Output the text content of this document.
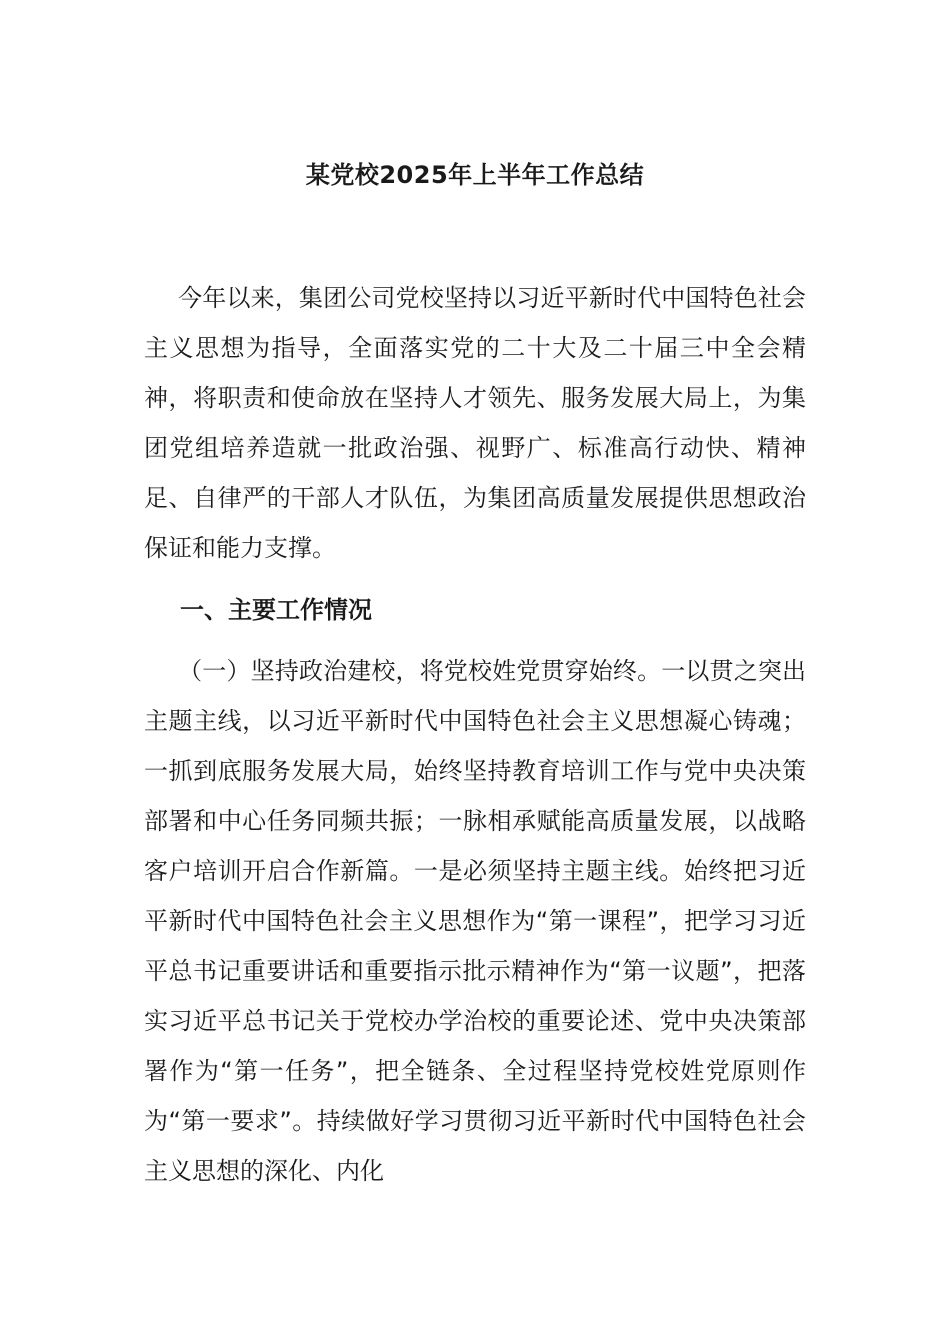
某党校2025年上半年工作总结

今年以来，集团公司党校坚持以习近平新时代中国特色社会主义思想为指导，全面落实党的二十大及二十届三中全会精神，将职责和使命放在坚持人才领先、服务发展大局上，为集团党组培养造就一批政治强、视野广、标准高行动快、精神足、自律严的干部人才队伍，为集团高质量发展提供思想政治保证和能力支撑。

一、主要工作情况

（一）坚持政治建校，将党校姓党贯穿始终。一以贯之突出主题主线，以习近平新时代中国特色社会主义思想凝心铸魂；一抓到底服务发展大局，始终坚持教育培训工作与党中央决策部署和中心任务同频共振；一脉相承赋能高质量发展，以战略客户培训开启合作新篇。一是必须坚持主题主线。始终把习近平新时代中国特色社会主义思想作为“第一课程”，把学习习近平总书记重要讲话和重要指示批示精神作为“第一议题”，把落实习近平总书记关于党校办学治校的重要论述、党中央决策部署作为“第一任务”，把全链条、全过程坚持党校姓党原则作为“第一要求”。持续做好学习贯彻习近平新时代中国特色社会主义思想的深化、内化
